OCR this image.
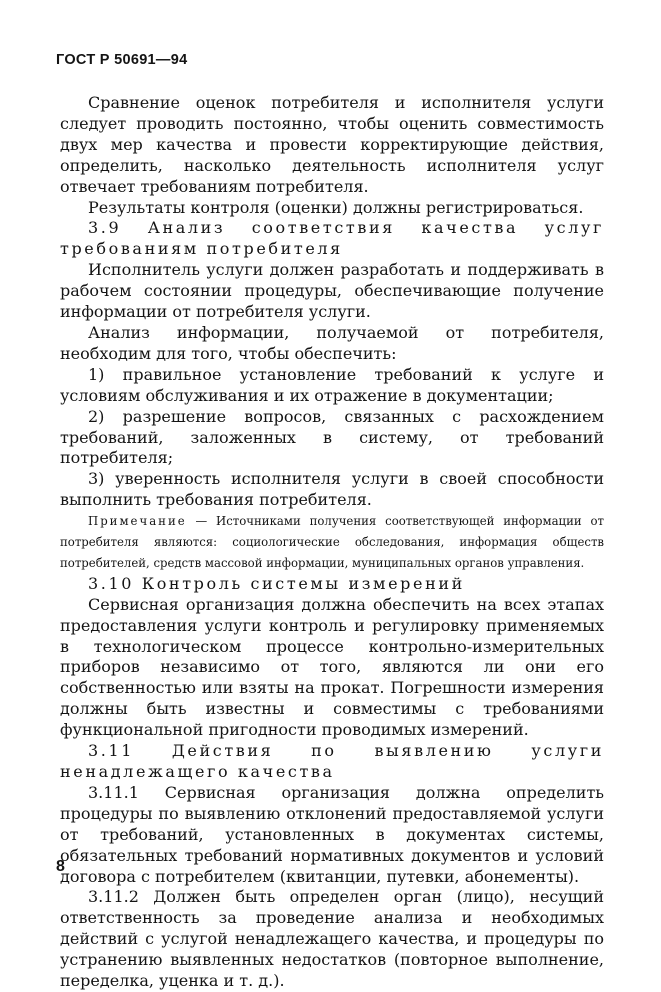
ГОСТ Р 50691—94

Сравнение оценок потребителя и исполнителя услуги следует проводить постоянно, чтобы оценить совместимость двух мер качества и провести корректирующие действия, определить, насколько деятельность исполнителя услуг отвечает требованиям потребителя.

Результаты контроля (оценки) должны регистрироваться.

3.9 Анализ соответствия качества услуг требованиям потребителя

Исполнитель услуги должен разработать и поддерживать в рабочем состоянии процедуры, обеспечивающие получение информации от потребителя услуги.

Анализ информации, получаемой от потребителя, необходим для того, чтобы обеспечить:

1) правильное установление требований к услуге и условиям обслуживания и их отражение в документации;

2) разрешение вопросов, связанных с расхождением требований, заложенных в систему, от требований потребителя;

3) уверенность исполнителя услуги в своей способности выполнить требования потребителя.

Примечание — Источниками получения соответствующей информации от потребителя являются: социологические обследования, информация обществ потребителей, средств массовой информации, муниципальных органов управления.

3.10 Контроль системы измерений

Сервисная организация должна обеспечить на всех этапах предоставления услуги контроль и регулировку применяемых в технологическом процессе контрольно-измерительных приборов независимо от того, являются ли они его собственностью или взяты на прокат. Погрешности измерения должны быть известны и совместимы с требованиями функциональной пригодности проводимых измерений.

3.11 Действия по выявлению услуги ненадлежащего качества

3.11.1 Сервисная организация должна определить процедуры по выявлению отклонений предоставляемой услуги от требований, установленных в документах системы, обязательных требований нормативных документов и условий договора с потребителем (квитанции, путевки, абонементы).

3.11.2 Должен быть определен орган (лицо), несущий ответственность за проведение анализа и необходимых действий с услугой ненадлежащего качества, и процедуры по устранению выявленных недостатков (повторное выполнение, переделка, уценка и т. д.).

8
